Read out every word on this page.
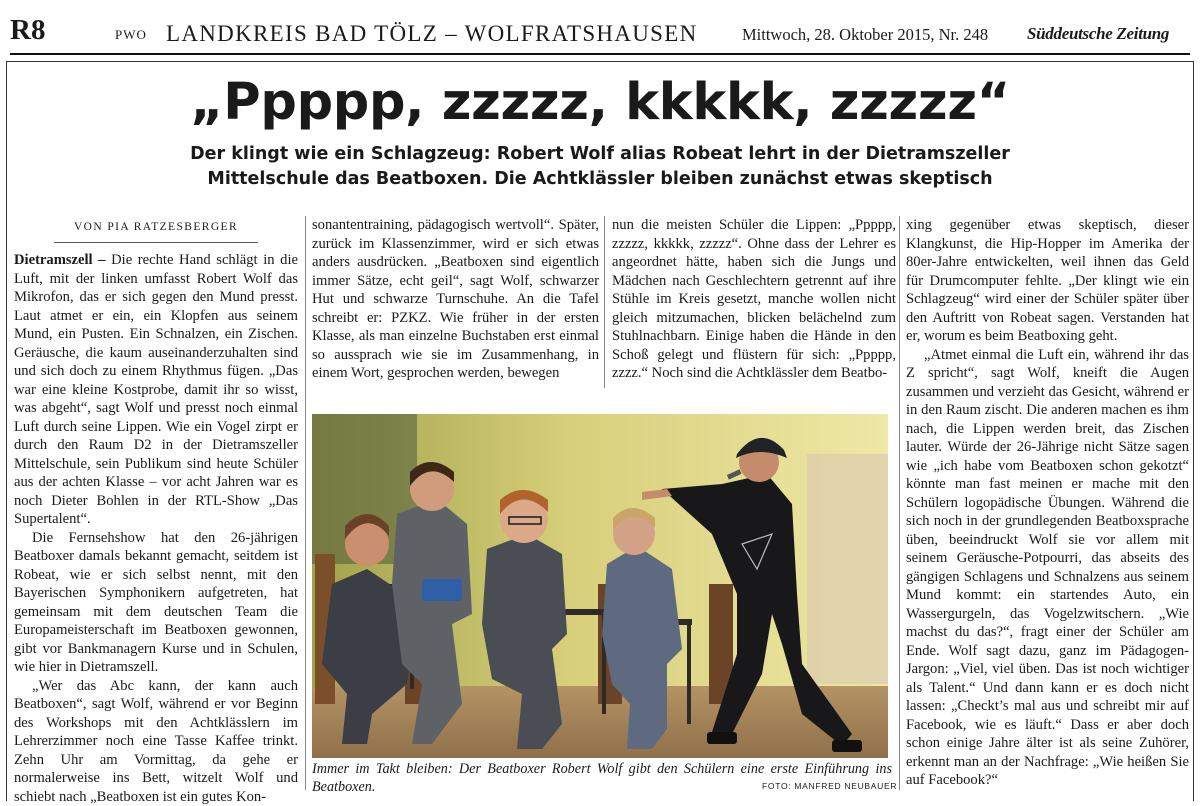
R8	PWO LANDKREIS BAD TÖLZ – WOLFRATSHAUSEN	Mittwoch, 28. Oktober 2015, Nr. 248 Süddeutsche Zeitung
„Ppppp, zzzzz, kkkkk, zzzzz“
Der klingt wie ein Schlagzeug: Robert Wolf alias Robeat lehrt in der Dietramszeller
Mittelschule das Beatboxen. Die Achtklässler bleiben zunächst etwas skeptisch
VON PIA RATZESBERGER

Dietramszell – Die rechte Hand schlägt in die Luft, mit der linken umfasst Robert Wolf das Mikrofon, das er sich gegen den Mund presst. Laut atmet er ein, ein Klopfen aus seinem Mund, ein Pusten. Ein Schnalzen, ein Zischen. Geräusche, die kaum auseinanderzuhalten sind und sich doch zu einem Rhythmus fügen. „Das war eine kleine Kostprobe, damit ihr so wisst, was abgeht“, sagt Wolf und presst noch einmal Luft durch seine Lippen. Wie ein Vogel zirpt er durch den Raum D2 in der Dietramszeller Mittelschule, sein Publikum sind heute Schüler aus der achten Klasse – vor acht Jahren war es noch Dieter Bohlen in der RTL-Show „Das Supertalent“.

Die Fernsehshow hat den 26-jährigen Beatboxer damals bekannt gemacht, seitdem ist Robeat, wie er sich selbst nennt, mit den Bayerischen Symphonikern aufgetreten, hat gemeinsam mit dem deutschen Team die Europameisterschaft im Beatboxen gewonnen, gibt vor Bankmanagern Kurse und in Schulen, wie hier in Dietramszell.

„Wer das Abc kann, der kann auch Beatboxen“, sagt Wolf, während er vor Beginn des Workshops mit den Achtklässlern im Lehrerzimmer noch eine Tasse Kaffee trinkt. Zehn Uhr am Vormittag, da gehe er normalerweise ins Bett, witzelt Wolf und schiebt nach „Beatboxen ist ein gutes Kon-

sonantentraining, pädagogisch wertvoll“. Später, zurück im Klassenzimmer, wird er sich etwas anders ausdrücken. „Beatboxen sind eigentlich immer Sätze, echt geil“, sagt Wolf, schwarzer Hut und schwarze Turnschuhe. An die Tafel schreibt er: PZKZ. Wie früher in der ersten Klasse, als man einzelne Buchstaben erst einmal so aussprach wie sie im Zusammenhang, in einem Wort, gesprochen werden, bewegen

nun die meisten Schüler die Lippen: „Ppppp, zzzzz, kkkkk, zzzzz“. Ohne dass der Lehrer es angeordnet hätte, haben sich die Jungs und Mädchen nach Geschlechtern getrennt auf ihre Stühle im Kreis gesetzt, manche wollen nicht gleich mitzumachen, blicken belächelnd zum Stuhlnachbarn. Einige haben die Hände in den Schoß gelegt und flüstern für sich: „Ppppp, zzzz.“ Noch sind die Achtklässler dem Beatbo-

xing gegenüber etwas skeptisch, dieser Klangkunst, die Hip-Hopper im Amerika der 80er-Jahre entwickelten, weil ihnen das Geld für Drumcomputer fehlte. „Der klingt wie ein Schlagzeug“ wird einer der Schüler später über den Auftritt von Robeat sagen. Verstanden hat er, worum es beim Beatboxing geht.

„Atmet einmal die Luft ein, während ihr das Z spricht“, sagt Wolf, kneift die Augen zusammen und verzieht das Gesicht, während er in den Raum zischt. Die anderen machen es ihm nach, die Lippen werden breit, das Zischen lauter. Würde der 26-Jährige nicht Sätze sagen wie „ich habe vom Beatboxen schon gekotzt“ könnte man fast meinen er mache mit den Schülern logopädische Übungen. Während die sich noch in der grundlegenden Beatboxsprache üben, beeindruckt Wolf sie vor allem mit seinem Geräusche-Potpourri, das abseits des gängigen Schlagens und Schnalzens aus seinem Mund kommt: ein startendes Auto, ein Wassergurgeln, das Vogelzwitschern. „Wie machst du das?“, fragt einer der Schüler am Ende. Wolf sagt dazu, ganz im Pädagogen-Jargon: „Viel, viel üben. Das ist noch wichtiger als Talent.“ Und dann kann er es doch nicht lassen: „Checkt’s mal aus und schreibt mir auf Facebook, wie es läuft.“ Dass er aber doch schon einige Jahre älter ist als seine Zuhörer, erkennt man an der Nachfrage: „Wie heißen Sie auf Facebook?“

Immer im Takt bleiben: Der Beatboxer Robert Wolf gibt den Schülern eine erste Einführung ins Beatboxen.	FOTO: MANFRED NEUBAUER
